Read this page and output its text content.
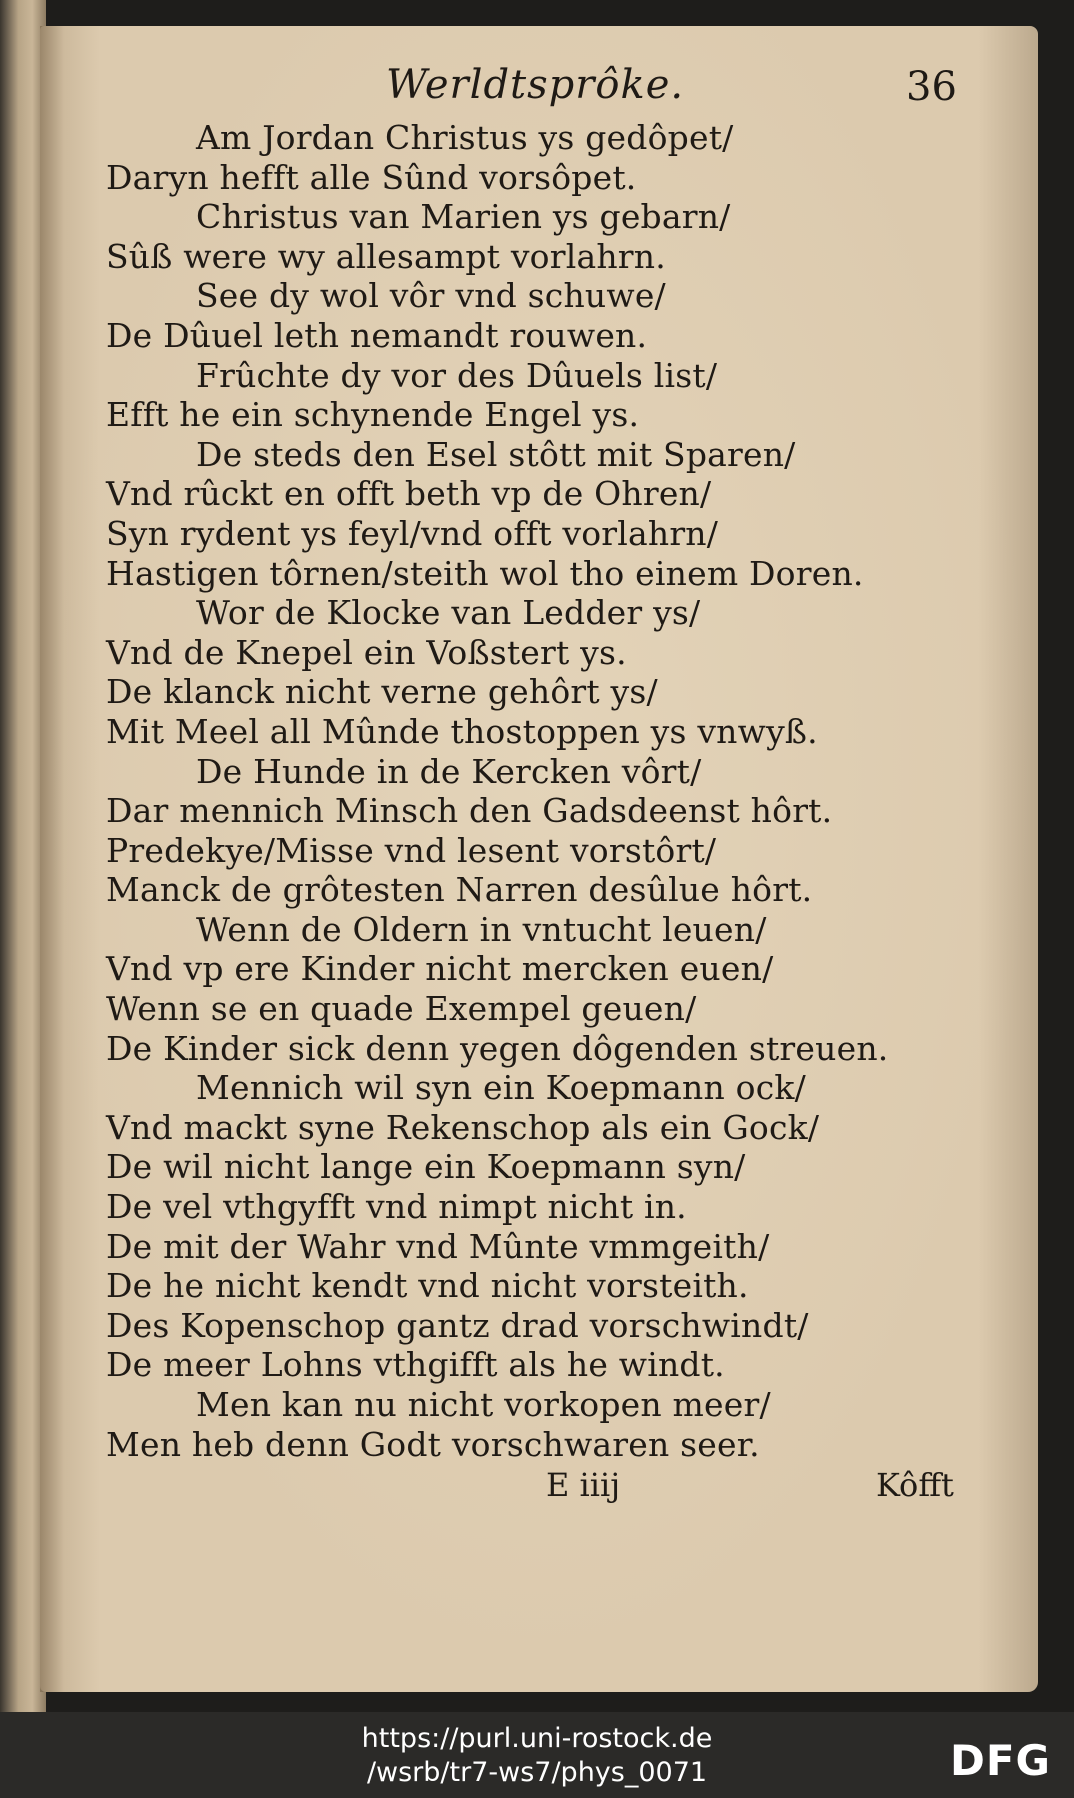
Werldtsprôke.	36
Am Jordan Christus ys gedôpet/
Daryn hefft alle Sûnd vorsôpet.
Christus van Marien ys gebarn/
Sûß were wy allesampt vorlahrn.
See dy wol vôr vnd schuwe/
De Dûuel leth nemandt rouwen.
Frûchte dy vor des Dûuels list/
Efft he ein schynende Engel ys.
De steds den Esel stôtt mit Sparen/
Vnd rûckt en offt beth vp de Ohren/
Syn rydent ys feyl/vnd offt vorlahrn/
Hastigen tôrnen/steith wol tho einem Doren.
Wor de Klocke van Ledder ys/
Vnd de Knepel ein Voßstert ys.
De klanck nicht verne gehôrt ys/
Mit Meel all Mûnde thostoppen ys vnwyß.
De Hunde in de Kercken vôrt/
Dar mennich Minsch den Gadsdeenst hôrt.
Predekye/Misse vnd lesent vorstôrt/
Manck de grôtesten Narren desûlue hôrt.
Wenn de Oldern in vntucht leuen/
Vnd vp ere Kinder nicht mercken euen/
Wenn se en quade Exempel geuen/
De Kinder sick denn yegen dôgenden streuen.
Mennich wil syn ein Koepmann ock/
Vnd mackt syne Rekenschop als ein Gock/
De wil nicht lange ein Koepmann syn/
De vel vthgyfft vnd nimpt nicht in.
De mit der Wahr vnd Mûnte vmmgeith/
De he nicht kendt vnd nicht vorsteith.
Des Kopenschop gantz drad vorschwindt/
De meer Lohns vthgifft als he windt.
Men kan nu nicht vorkopen meer/
Men heb denn Godt vorschwaren seer.
E iiij	Kôfft
https://purl.uni-rostock.de
/wsrb/tr7-ws7/phys_0071	DFG
